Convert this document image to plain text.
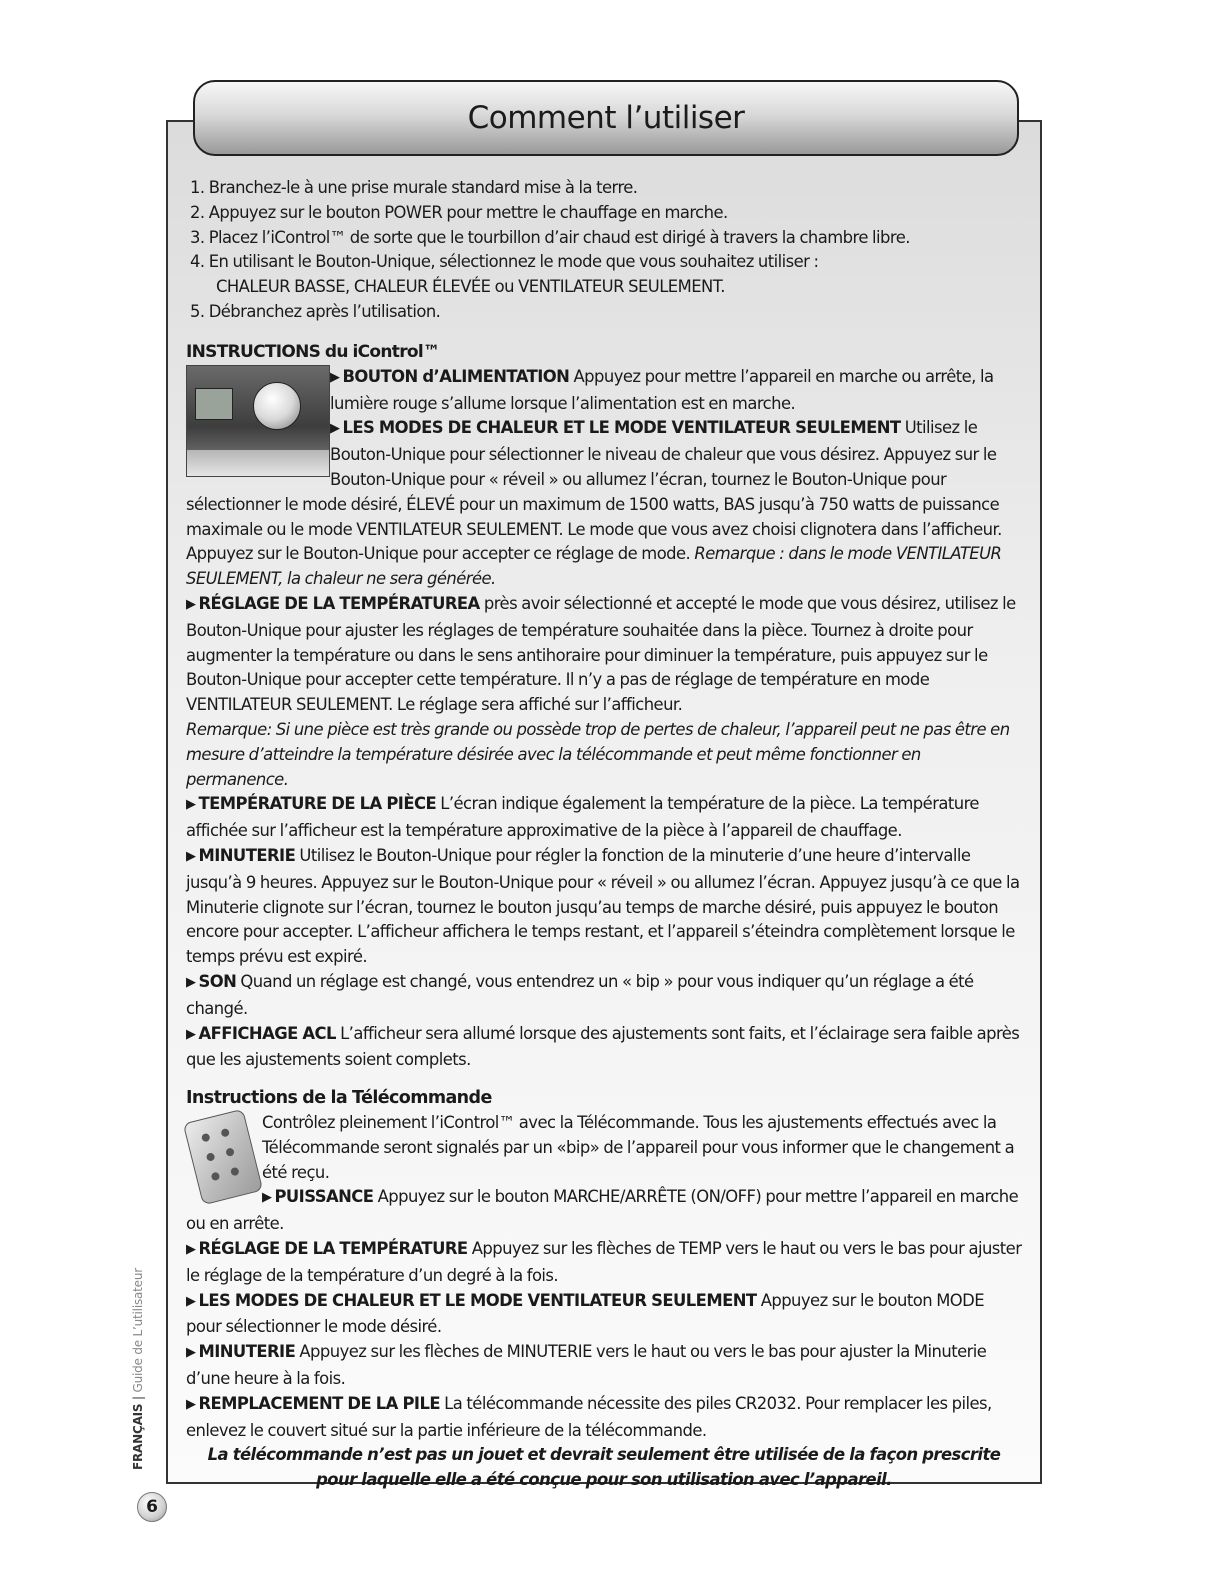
Comment l’utiliser
1. Branchez-le à une prise murale standard mise à la terre.
2. Appuyez sur le bouton POWER pour mettre le chauffage en marche.
3. Placez l’iControl™ de sorte que le tourbillon d’air chaud est dirigé à travers la chambre libre.
4. En utilisant le Bouton-Unique, sélectionnez le mode que vous souhaitez utiliser :
CHALEUR BASSE, CHALEUR ÉLEVÉE ou VENTILATEUR SEULEMENT.
5. Débranchez après l’utilisation.
INSTRUCTIONS du iControl™

▶ BOUTON d’ALIMENTATION Appuyez pour mettre l’appareil en marche ou arrête, la lumière rouge s’allume lorsque l’alimentation est en marche.

▶ LES MODES DE CHALEUR ET LE MODE VENTILATEUR SEULEMENT Utilisez le Bouton-Unique pour sélectionner le niveau de chaleur que vous désirez. Appuyez sur le Bouton-Unique pour « réveil » ou allumez l’écran, tournez le Bouton-Unique pour sélectionner le mode désiré, ÉLEVÉ pour un maximum de 1500 watts, BAS jusqu’à 750 watts de puissance maximale ou le mode VENTILATEUR SEULEMENT. Le mode que vous avez choisi clignotera dans l’afficheur. Appuyez sur le Bouton-Unique pour accepter ce réglage de mode. Remarque : dans le mode VENTILATEUR SEULEMENT, la chaleur ne sera générée.

▶ RÉGLAGE DE LA TEMPÉRATUREA près avoir sélectionné et accepté le mode que vous désirez, utilisez le Bouton-Unique pour ajuster les réglages de température souhaitée dans la pièce. Tournez à droite pour augmenter la température ou dans le sens antihoraire pour diminuer la température, puis appuyez sur le Bouton-Unique pour accepter cette température. Il n’y a pas de réglage de température en mode VENTILATEUR SEULEMENT. Le réglage sera affiché sur l’afficheur.

Remarque: Si une pièce est très grande ou possède trop de pertes de chaleur, l’appareil peut ne pas être en mesure d’atteindre la température désirée avec la télécommande et peut même fonctionner en permanence.

▶ TEMPÉRATURE DE LA PIÈCE L’écran indique également la température de la pièce. La température affichée sur l’afficheur est la température approximative de la pièce à l’appareil de chauffage.

▶ MINUTERIE Utilisez le Bouton-Unique pour régler la fonction de la minuterie d’une heure d’intervalle jusqu’à 9 heures. Appuyez sur le Bouton-Unique pour « réveil » ou allumez l’écran. Appuyez jusqu’à ce que la Minuterie clignote sur l’écran, tournez le bouton jusqu’au temps de marche désiré, puis appuyez le bouton encore pour accepter. L’afficheur affichera le temps restant, et l’appareil s’éteindra complètement lorsque le temps prévu est expiré.

▶ SON Quand un réglage est changé, vous entendrez un « bip » pour vous indiquer qu’un réglage a été changé.

▶ AFFICHAGE ACL L’afficheur sera allumé lorsque des ajustements sont faits, et l’éclairage sera faible après que les ajustements soient complets.

Instructions de la Télécommande

Contrôlez pleinement l’iControl™ avec la Télécommande. Tous les ajustements effectués avec la Télécommande seront signalés par un «bip» de l’appareil pour vous informer que le changement a été reçu.

▶ PUISSANCE Appuyez sur le bouton MARCHE/ARRÊTE (ON/OFF) pour mettre l’appareil en marche ou en arrête.

▶ RÉGLAGE DE LA TEMPÉRATURE Appuyez sur les flèches de TEMP vers le haut ou vers le bas pour ajuster le réglage de la température d’un degré à la fois.

▶ LES MODES DE CHALEUR ET LE MODE VENTILATEUR SEULEMENT Appuyez sur le bouton MODE pour sélectionner le mode désiré.

▶ MINUTERIE Appuyez sur les flèches de MINUTERIE vers le haut ou vers le bas pour ajuster la Minuterie d’une heure à la fois.

▶ REMPLACEMENT DE LA PILE La télécommande nécessite des piles CR2032. Pour remplacer les piles, enlevez le couvert situé sur la partie inférieure de la télécommande.

La télécommande n’est pas un jouet et devrait seulement être utilisée de la façon prescrite pour laquelle elle a été conçue pour son utilisation avec l’appareil.

FRANÇAIS | Guide de L’utilisateur
6
